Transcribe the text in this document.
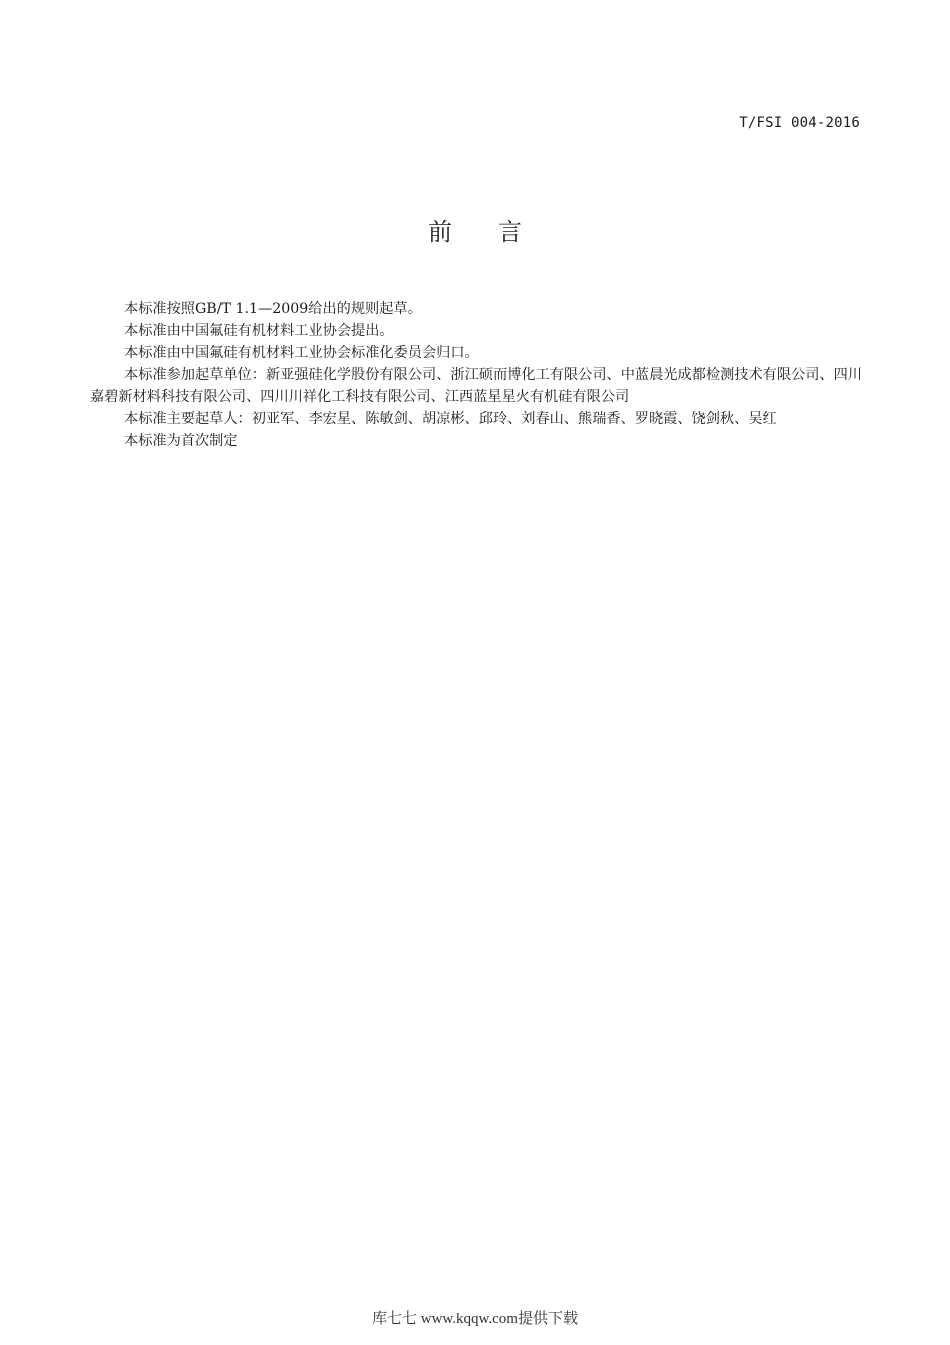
T/FSI 004-2016
前言

本标准按照GB/T 1.1—2009给出的规则起草。

本标准由中国氟硅有机材料工业协会提出。

本标准由中国氟硅有机材料工业协会标准化委员会归口。

本标准参加起草单位：新亚强硅化学股份有限公司、浙江硕而博化工有限公司、中蓝晨光成都检测技术有限公司、四川嘉碧新材料科技有限公司、四川川祥化工科技有限公司、江西蓝星星火有机硅有限公司

本标准主要起草人：初亚军、李宏星、陈敏剑、胡凉彬、邱玲、刘春山、熊瑞香、罗晓霞、饶剑秋、吴红

本标准为首次制定

库七七 www.kqqw.com提供下载
